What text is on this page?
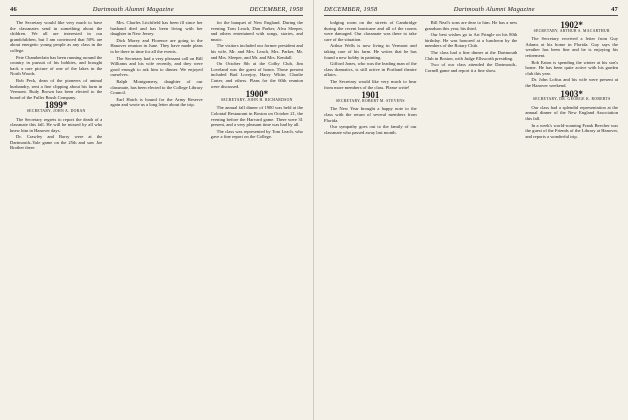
46	Dartmouth Alumni Magazine	DECEMBER, 1958

The Secretary would like very much to have the classmates send in something about the children. We all are interested in our grandchildren, but I am convinced that 50% are about energetic young people as any class in the college.

Pete Chamberlain has been running around the country in pursuit of his hobbies, and brought back a rare picture of one of the lakes in the North Woods.

Bob Peck, dean of the pioneers of animal husbandry, sent a fine clipping about his farm in Vermont. Rudy Brown has been elected to the board of the Fuller Brush Company.

1899*

SECRETARY, JOHN A. DORAN

The Secretary regrets to report the death of a classmate this fall. He will be missed by all who knew him in Hanover days.

Dr. Crawley and Barry were at the Dartmouth–Yale game on the 25th and saw Joe Brother there.

Mrs. Charles Litchfield has been ill since her husband died and has been living with her daughter in New Jersey.

Dick Morey and Florence are going to the Hanover reunion in June. They have made plans to be there in time for all the events.

The Secretary had a very pleasant call on Bill Williams and his wife recently, and they were good enough to ask him to dinner. We enjoyed ourselves.

Ralph Montgomery, daughter of our classmate, has been elected to the College Library Council.

Earl Hatch is bound for the Army Reserve again and wrote us a long letter about the trip.

for the banquet of New England. During the evening Tom Leach, Dan Parker, Alva Sleeper, and others entertained with songs, stories, and music.

The visitors included our former president and his wife, Mr. and Mrs. Leach, Mrs. Parker, Mr. and Mrs. Sleeper, and Mr. and Mrs. Kendall.

On October 8th at the Colby Club, Jim Loveland was the guest of honor. Those present included Bud Lovejoy, Harry White, Charlie Carter, and others. Plans for the 60th reunion were discussed.

1900*

SECRETARY, JOHN H. RICHARDSON

The annual fall dinner of 1900 was held at the Colonial Restaurant in Boston on October 21, the evening before the Harvard game. There were 31 present, and a very pleasant time was had by all.

The class was represented by Tom Leach, who gave a fine report on the College.

DECEMBER, 1958	Dartmouth Alumni Magazine	47

lodging room on the streets of Cambridge during the recent hurricane and all of the rooms were damaged. Our classmate was there to take care of the situation.

Arthur Wells is now living in Vermont and taking care of his farm. He writes that he has found a new hobby in painting.

Gifford Jones, who was the leading man of the class dramatics, is still active in Portland theatre affairs.

The Secretary would like very much to hear from more members of the class. Please write!

1901

SECRETARY, ROBERT M. STEVENS

The New Year brought a happy note to the class with the return of several members from Florida.

Our sympathy goes out to the family of our classmate who passed away last month.

Bill Neal's sons are dear to him. He has a new grandson this year, his third.

Our best wishes go to Art Pringle on his 80th birthday. He was honored at a luncheon by the members of the Rotary Club.

The class had a fine dinner at the Dartmouth Club in Boston, with Judge Ellsworth presiding.

Two of our class attended the Dartmouth–Cornell game and report it a fine show.

1902*

SECRETARY, ARTHUR S. MACARTHUR

The Secretary received a letter from Guy Adams at his home in Florida. Guy says the weather has been fine and he is enjoying his retirement.

Bob Eaton is spending the winter at his son's home. He has been quite active with his garden club this year.

Dr. John Loftus and his wife were present at the Hanover weekend.

1903*

SECRETARY, DR. GEORGE K. ROBERTS

Our class had a splendid representation at the annual dinner of the New England Association this fall.

In a week's world-roaming Frank Beecher was the guest of the Friends of the Library at Hanover, and reports a wonderful trip.
